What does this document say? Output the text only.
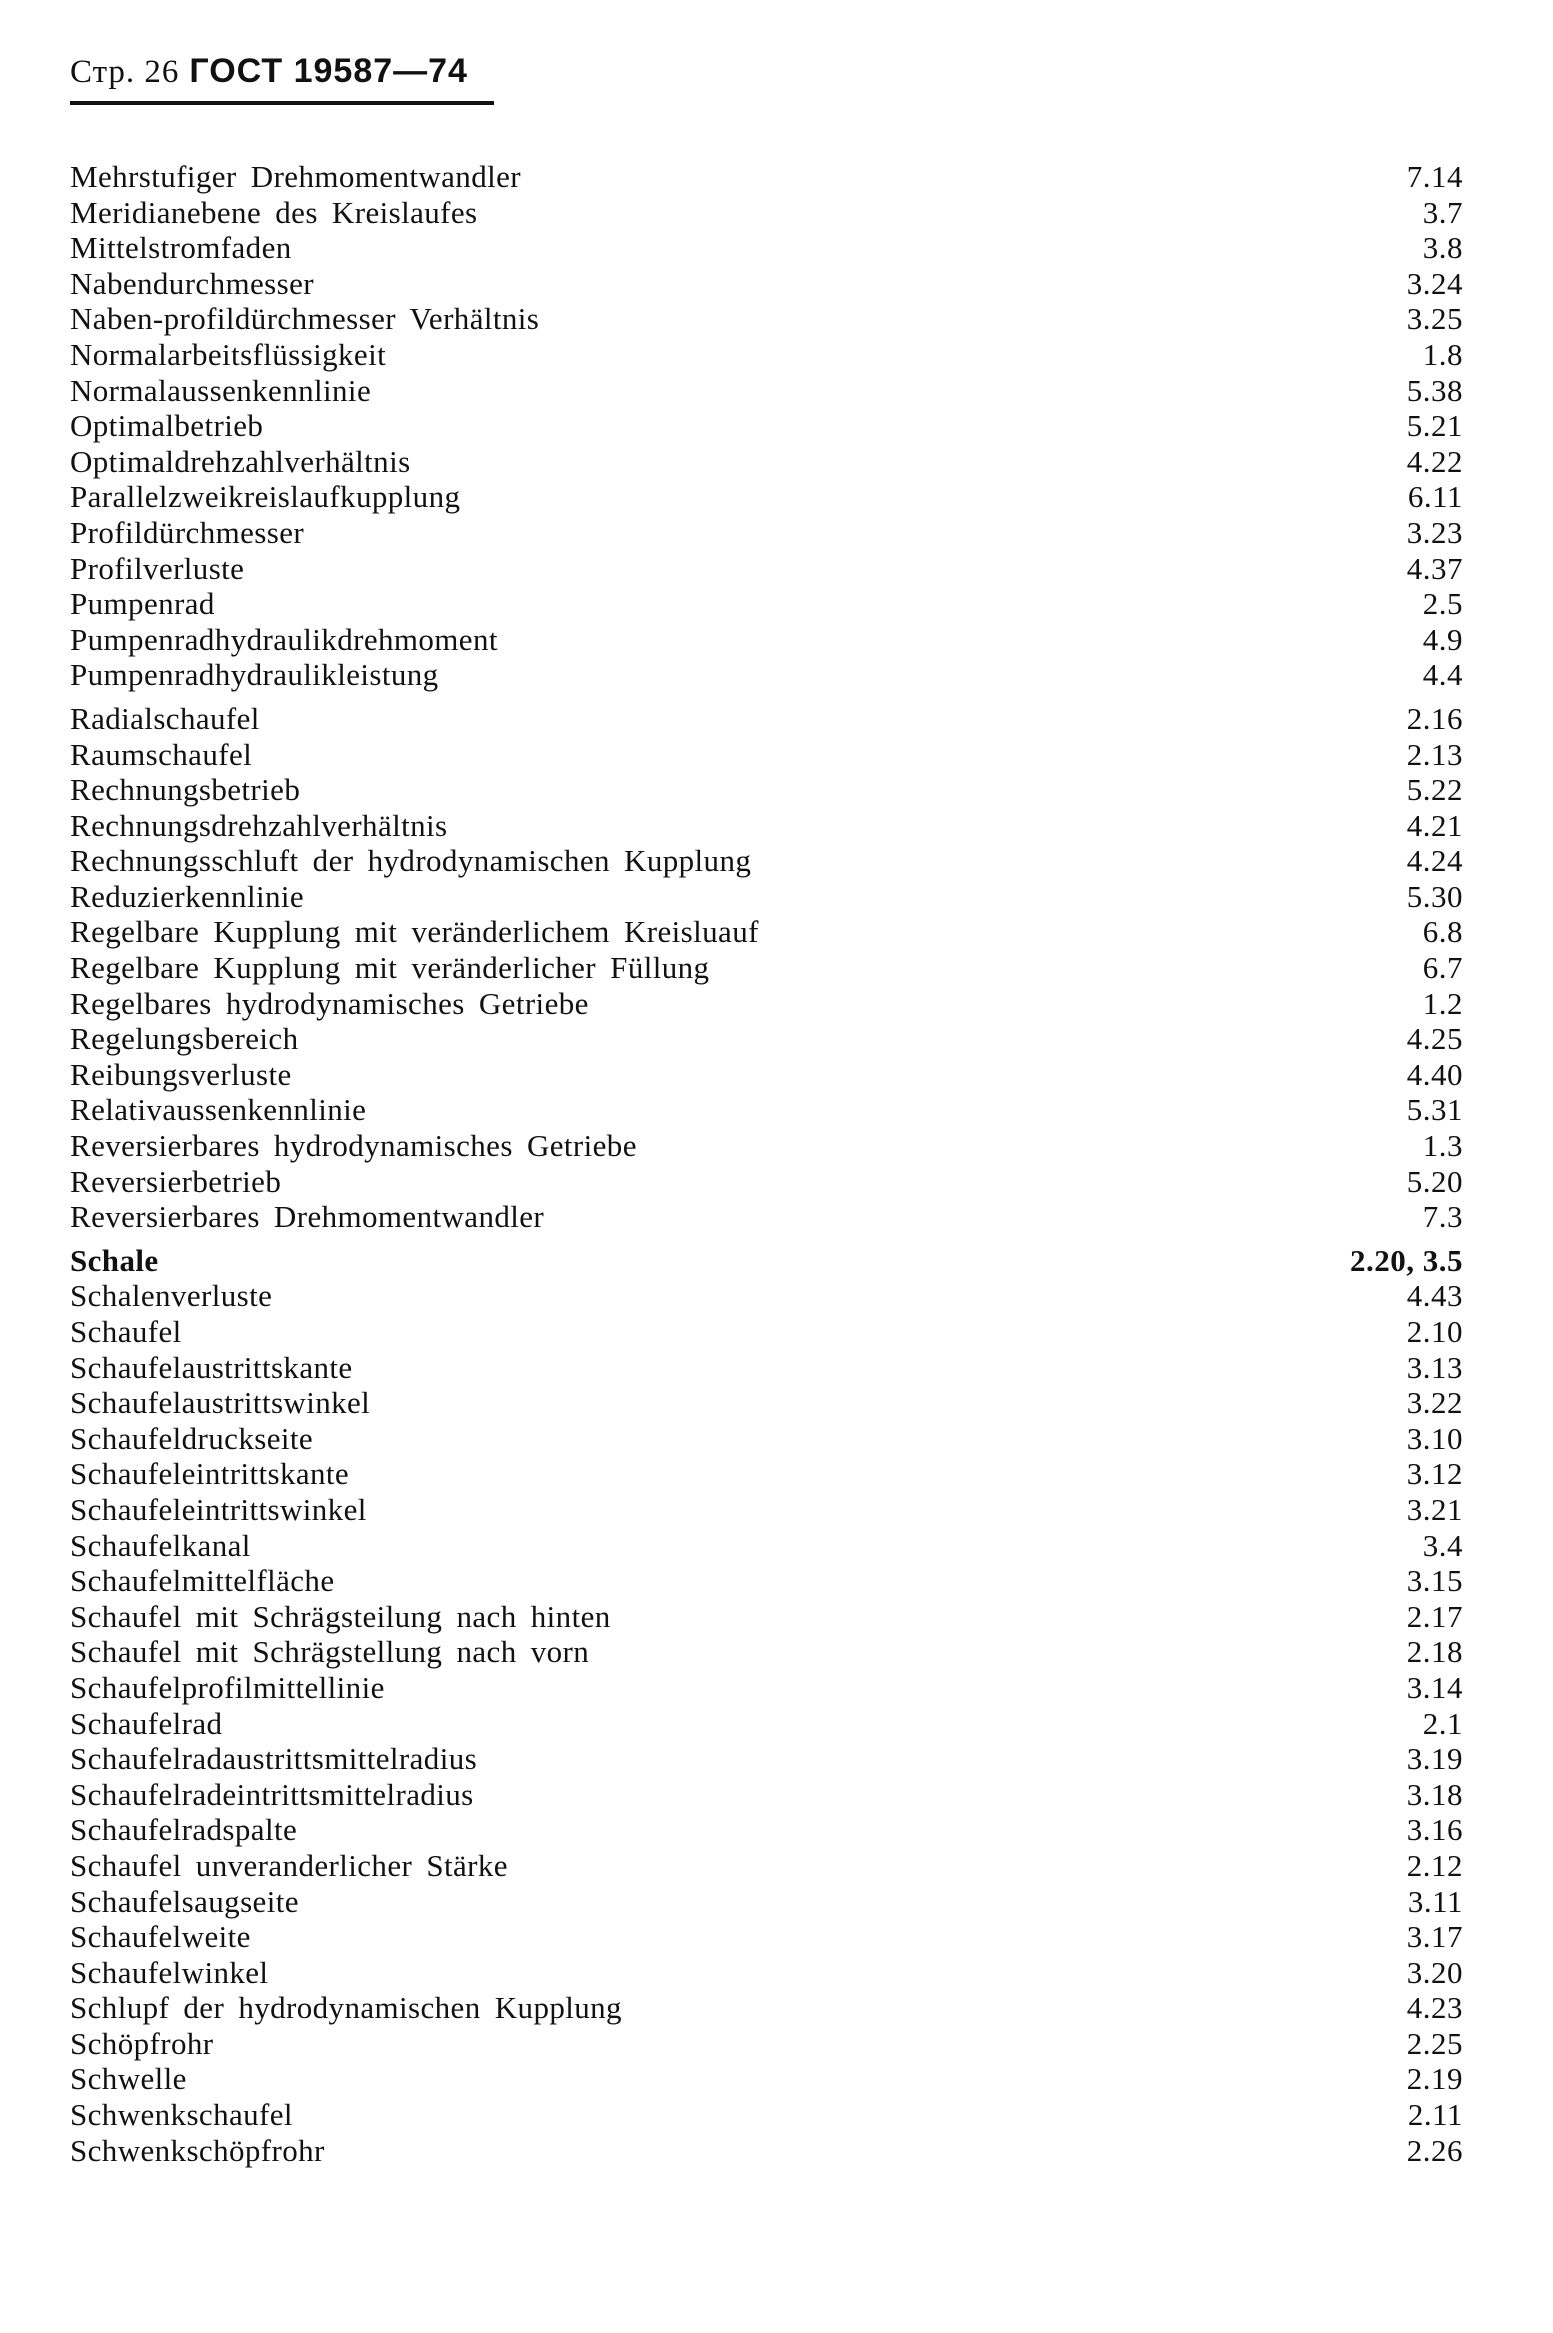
Стр. 26 ГОСТ 19587—74
Mehrstufiger Drehmomentwandler	7.14
Meridianebene des Kreislaufes	3.7
Mittelstromfaden	3.8
Nabendurchmesser	3.24
Naben-profildürchmesser Verhältnis	3.25
Normalarbeitsflüssigkeit	1.8
Normalaussenkennlinie	5.38
Optimalbetrieb	5.21
Optimaldrehzahlverhältnis	4.22
Parallelzweikreislaufkupplung	6.11
Profildürchmesser	3.23
Profilverluste	4.37
Pumpenrad	2.5
Pumpenradhydraulikdrehmoment	4.9
Pumpenradhydraulikleistung	4.4
Radialschaufel	2.16
Raumschaufel	2.13
Rechnungsbetrieb	5.22
Rechnungsdrehzahlverhältnis	4.21
Rechnungsschluft der hydrodynamischen Kupplung	4.24
Reduzierkennlinie	5.30
Regelbare Kupplung mit veränderlichem Kreisluauf	6.8
Regelbare Kupplung mit veränderlicher Füllung	6.7
Regelbares hydrodynamisches Getriebe	1.2
Regelungsbereich	4.25
Reibungsverluste	4.40
Relativaussenkennlinie	5.31
Reversierbares hydrodynamisches Getriebe	1.3
Reversierbetrieb	5.20
Reversierbares Drehmomentwandler	7.3
Schale	2.20, 3.5
Schalenverluste	4.43
Schaufel	2.10
Schaufelaustrittskante	3.13
Schaufelaustrittswinkel	3.22
Schaufeldruckseite	3.10
Schaufeleintrittskante	3.12
Schaufeleintrittswinkel	3.21
Schaufelkanal	3.4
Schaufelmittelfläche	3.15
Schaufel mit Schrägsteilung nach hinten	2.17
Schaufel mit Schrägstellung nach vorn	2.18
Schaufelprofilmittellinie	3.14
Schaufelrad	2.1
Schaufelradaustrittsmittelradius	3.19
Schaufelradeintrittsmittelradius	3.18
Schaufelradspalte	3.16
Schaufel unveranderlicher Stärke	2.12
Schaufelsaugseite	3.11
Schaufelweite	3.17
Schaufelwinkel	3.20
Schlupf der hydrodynamischen Kupplung	4.23
Schöpfrohr	2.25
Schwelle	2.19
Schwenkschaufel	2.11
Schwenkschöpfrohr	2.26
